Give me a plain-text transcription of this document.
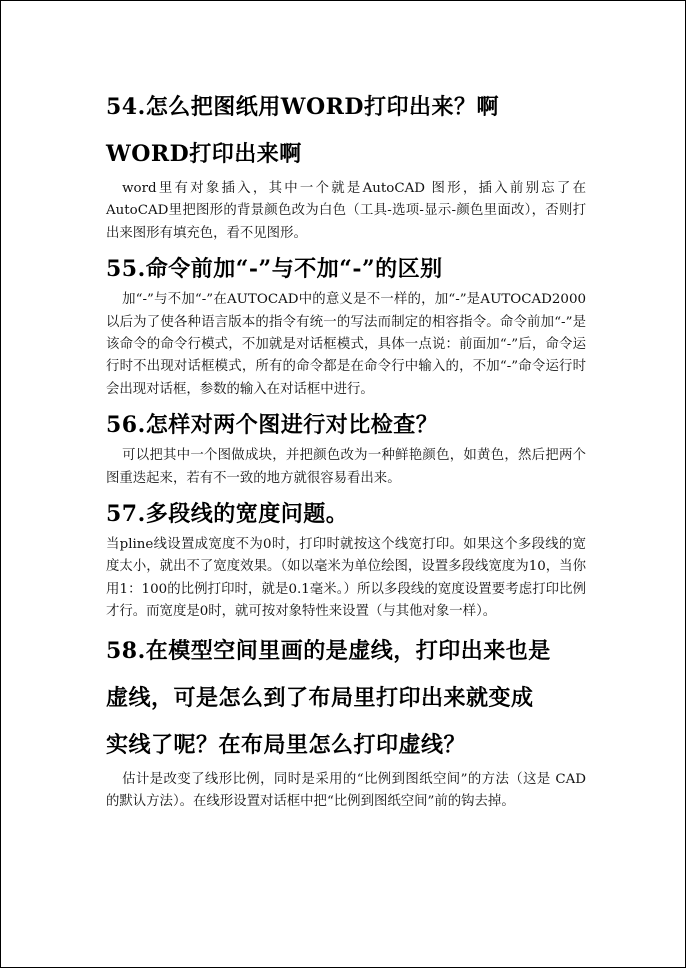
54.怎么把图纸用WORD打印出来？啊
WORD打印出来啊

word里有对象插入，其中一个就是AutoCAD 图形，插入前别忘了在AutoCAD里把图形的背景颜色改为白色（工具-选项-显示-颜色里面改），否则打出来图形有填充色，看不见图形。

55.命令前加“-”与不加“-”的区别

加“-”与不加“-”在AUTOCAD中的意义是不一样的，加“-”是AUTOCAD2000以后为了使各种语言版本的指令有统一的写法而制定的相容指令。命令前加“-”是该命令的命令行模式，不加就是对话框模式，具体一点说：前面加“-”后，命令运行时不出现对话框模式，所有的命令都是在命令行中输入的，不加“-”命令运行时会出现对话框，参数的输入在对话框中进行。

56.怎样对两个图进行对比检查？

可以把其中一个图做成块，并把颜色改为一种鲜艳颜色，如黄色，然后把两个图重迭起来，若有不一致的地方就很容易看出来。

57.多段线的宽度问题。

当pline线设置成宽度不为0时，打印时就按这个线宽打印。如果这个多段线的宽度太小，就出不了宽度效果。（如以毫米为单位绘图，设置多段线宽度为10，当你用1：100的比例打印时，就是0.1毫米。）所以多段线的宽度设置要考虑打印比例才行。而宽度是0时，就可按对象特性来设置（与其他对象一样）。

58.在模型空间里画的是虚线，打印出来也是
虚线，可是怎么到了布局里打印出来就变成
实线了呢？在布局里怎么打印虚线？

估计是改变了线形比例，同时是采用的“比例到图纸空间”的方法（这是 CAD 的默认方法）。在线形设置对话框中把“比例到图纸空间”前的钩去掉。
